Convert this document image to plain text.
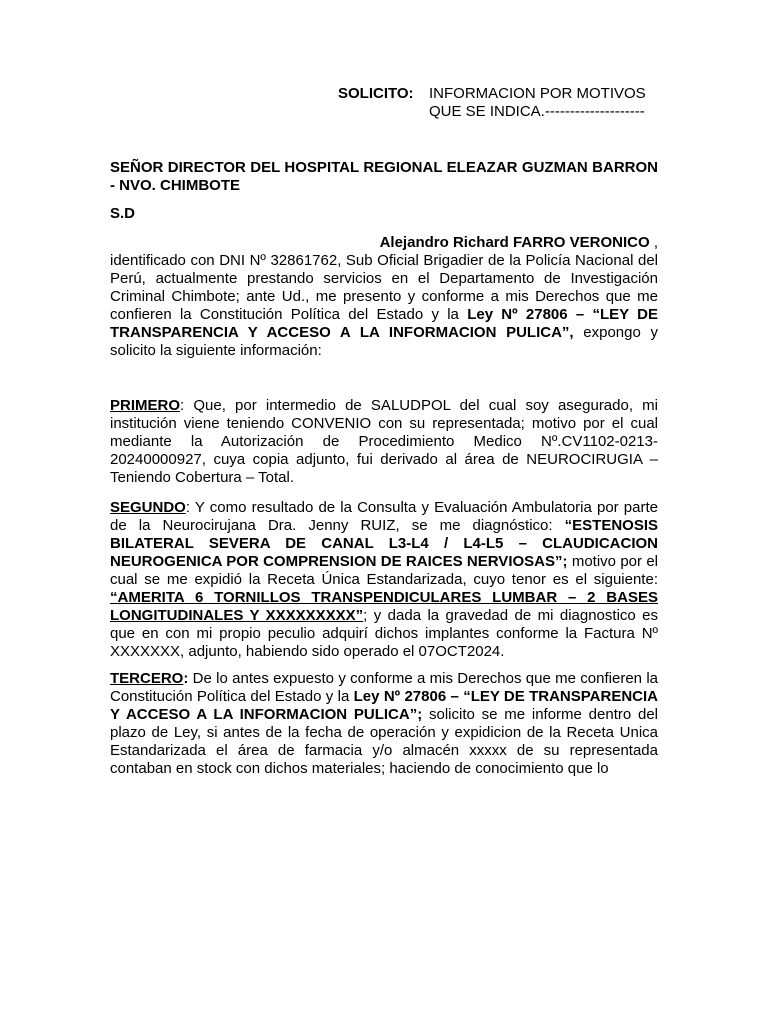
SOLICITO: INFORMACION POR MOTIVOS
QUE SE INDICA.--------------------
SEÑOR DIRECTOR DEL HOSPITAL REGIONAL ELEAZAR GUZMAN BARRON - NVO. CHIMBOTE
S.D
Alejandro Richard FARRO VERONICO ,
identificado con DNI Nº 32861762, Sub Oficial Brigadier de la Policía Nacional del Perú, actualmente prestando servicios en el Departamento de Investigación Criminal Chimbote; ante Ud., me presento y conforme a mis Derechos que me confieren la Constitución Política del Estado y la Ley Nº 27806 – “LEY DE TRANSPARENCIA Y ACCESO A LA INFORMACION PULICA”, expongo y solicito la siguiente información:
PRIMERO: Que, por intermedio de SALUDPOL del cual soy asegurado, mi institución viene teniendo CONVENIO con su representada; motivo por el cual mediante la Autorización de Procedimiento Medico Nº.CV1102-0213-20240000927, cuya copia adjunto, fui derivado al área de NEUROCIRUGIA – Teniendo Cobertura – Total.
SEGUNDO: Y como resultado de la Consulta y Evaluación Ambulatoria por parte de la Neurocirujana Dra. Jenny RUIZ, se me diagnóstico: “ESTENOSIS BILATERAL SEVERA DE CANAL L3-L4 / L4-L5 – CLAUDICACION NEUROGENICA POR COMPRENSION DE RAICES NERVIOSAS”; motivo por el cual se me expidió la Receta Única Estandarizada, cuyo tenor es el siguiente: “AMERITA 6 TORNILLOS TRANSPENDICULARES LUMBAR – 2 BASES LONGITUDINALES Y XXXXXXXXX”; y dada la gravedad de mi diagnostico es que en con mi propio peculio adquirí dichos implantes conforme la Factura Nº XXXXXXX, adjunto, habiendo sido operado el 07OCT2024.
TERCERO: De lo antes expuesto y conforme a mis Derechos que me confieren la Constitución Política del Estado y la Ley Nº 27806 – “LEY DE TRANSPARENCIA Y ACCESO A LA INFORMACION PULICA”; solicito se me informe dentro del plazo de Ley, si antes de la fecha de operación y expidicion de la Receta Unica Estandarizada el área de farmacia y/o almacén xxxxx de su representada contaban en stock con dichos materiales; haciendo de conocimiento que lo
